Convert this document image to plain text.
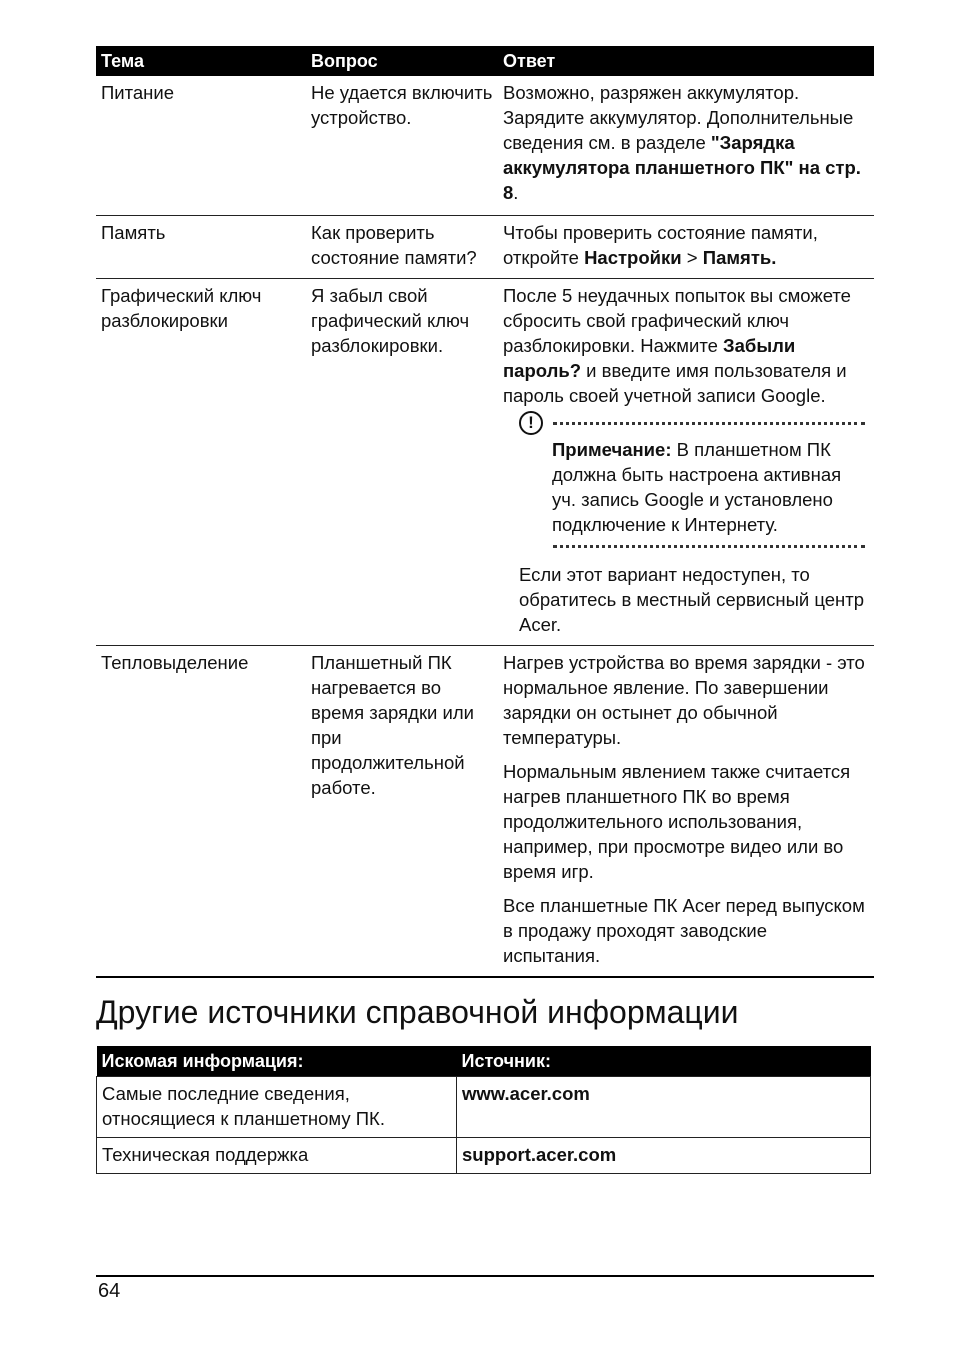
Тема	Вопрос	Ответ
Питание	Не удается включить устройство.	Возможно, разряжен аккумулятор. Зарядите аккумулятор. Дополнительные сведения см. в разделе "Зарядка аккумулятора планшетного ПК" на стр. 8.
Память	Как проверить состояние памяти?	Чтобы проверить состояние памяти, откройте Настройки > Память.
Графический ключ разблокировки	Я забыл свой графический ключ разблокировки.	После 5 неудачных попыток вы сможете сбросить свой графический ключ разблокировки. Нажмите Забыли пароль? и введите имя пользователя и пароль своей учетной записи Google.
!
Примечание: В планшетном ПК должна быть настроена активная уч. запись Google и установлено подключение к Интернету.
Если этот вариант недоступен, то обратитесь в местный сервисный центр Acer.

Тепловыделение	Планшетный ПК нагревается во время зарядки или при продолжительной работе.	Нагрев устройства во время зарядки - это нормальное явление. По завершении зарядки он остынет до обычной температуры.

Нормальным явлением также считается нагрев планшетного ПК во время продолжительного использования, например, при просмотре видео или во время игр.

Все планшетные ПК Acer перед выпуском в продажу проходят заводские испытания.

Другие источники справочной информации
Искомая информация:	Источник:
Самые последние сведения, относящиеся к планшетному ПК.	www.acer.com
Техническая поддержка	support.acer.com
64
